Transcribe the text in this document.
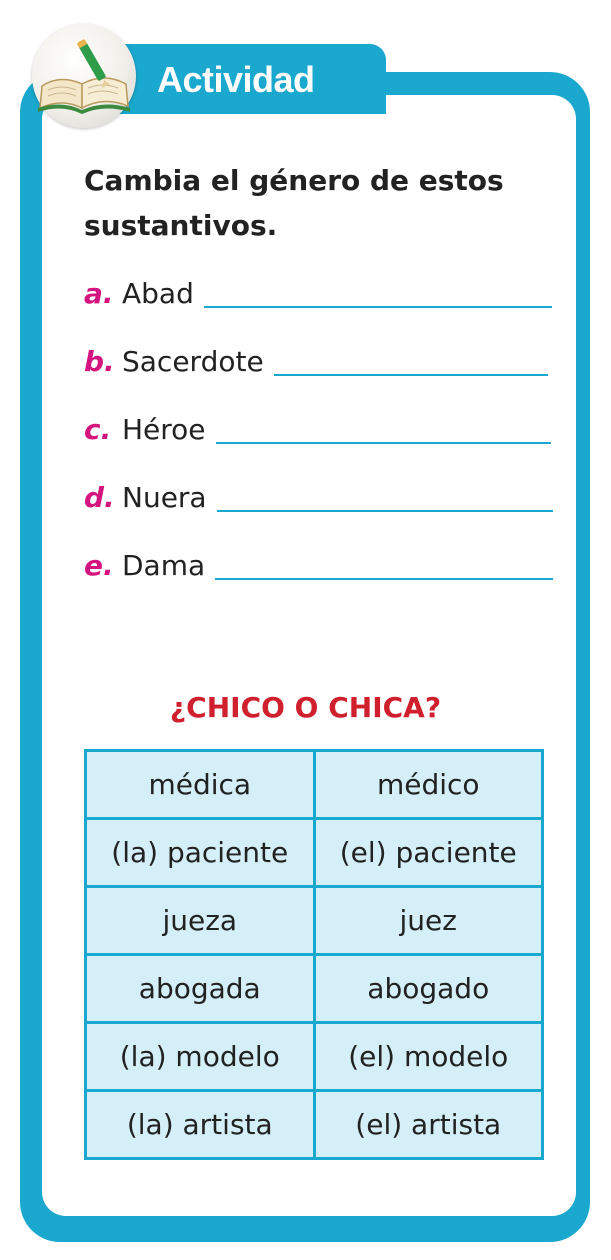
Actividad
Cambia el género de estos sustantivos.
a. Abad
b. Sacerdote
c. Héroe
d. Nuera
e. Dama
¿CHICO O CHICA?
médica	médico
(la) paciente	(el) paciente
jueza	juez
abogada	abogado
(la) modelo	(el) modelo
(la) artista	(el) artista
